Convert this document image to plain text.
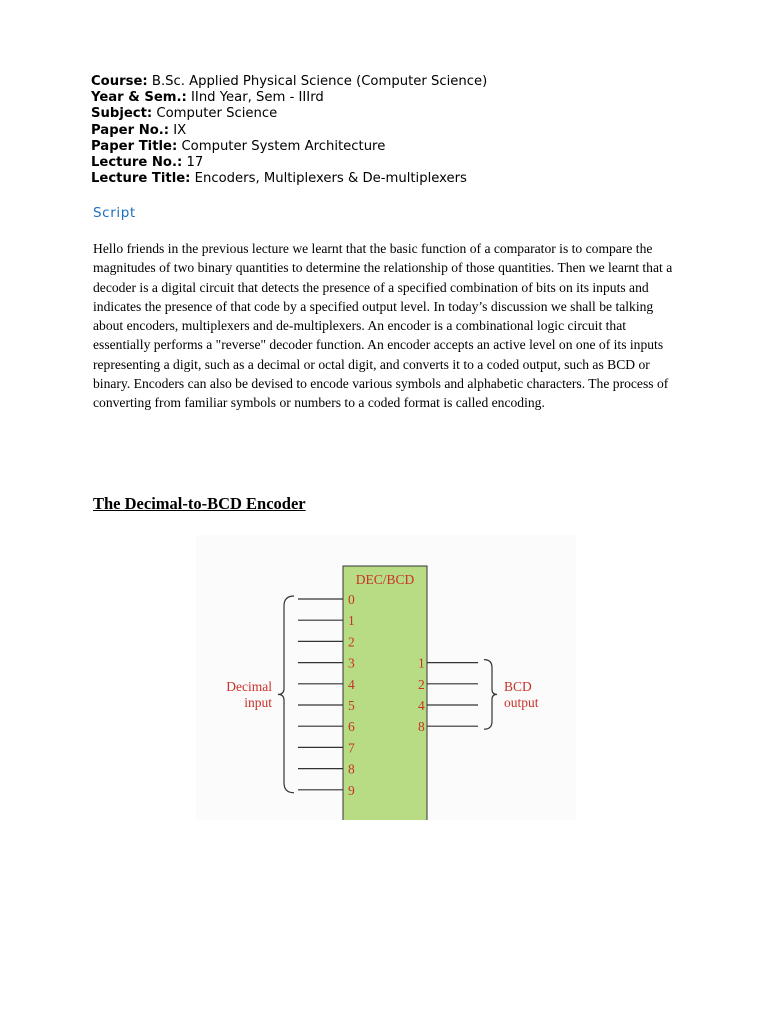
Course: B.Sc. Applied Physical Science (Computer Science)
Year & Sem.: IInd Year, Sem - IIIrd
Subject: Computer Science
Paper No.: IX
Paper Title: Computer System Architecture
Lecture No.: 17
Lecture Title: Encoders, Multiplexers & De-multiplexers
Script

Hello friends in the previous lecture we learnt that the basic function of a comparator is to compare the magnitudes of two binary quantities to determine the relationship of those quantities. Then we learnt that a decoder is a digital circuit that detects the presence of a specified combination of bits on its inputs and indicates the presence of that code by a specified output level. In today’s discussion we shall be talking about encoders, multiplexers and de-multiplexers. An encoder is a combinational logic circuit that essentially performs a "reverse" decoder function. An encoder accepts an active level on one of its inputs representing a digit, such as a decimal or octal digit, and converts it to a coded output, such as BCD or binary. Encoders can also be devised to encode various symbols and alphabetic characters. The process of converting from familiar symbols or numbers to a coded format is called encoding.

The Decimal-to-BCD Encoder
DEC/BCD
0
1
2
3
4
5
6
7
8
9
1
2
4
8
Decimal
input
BCD
output
